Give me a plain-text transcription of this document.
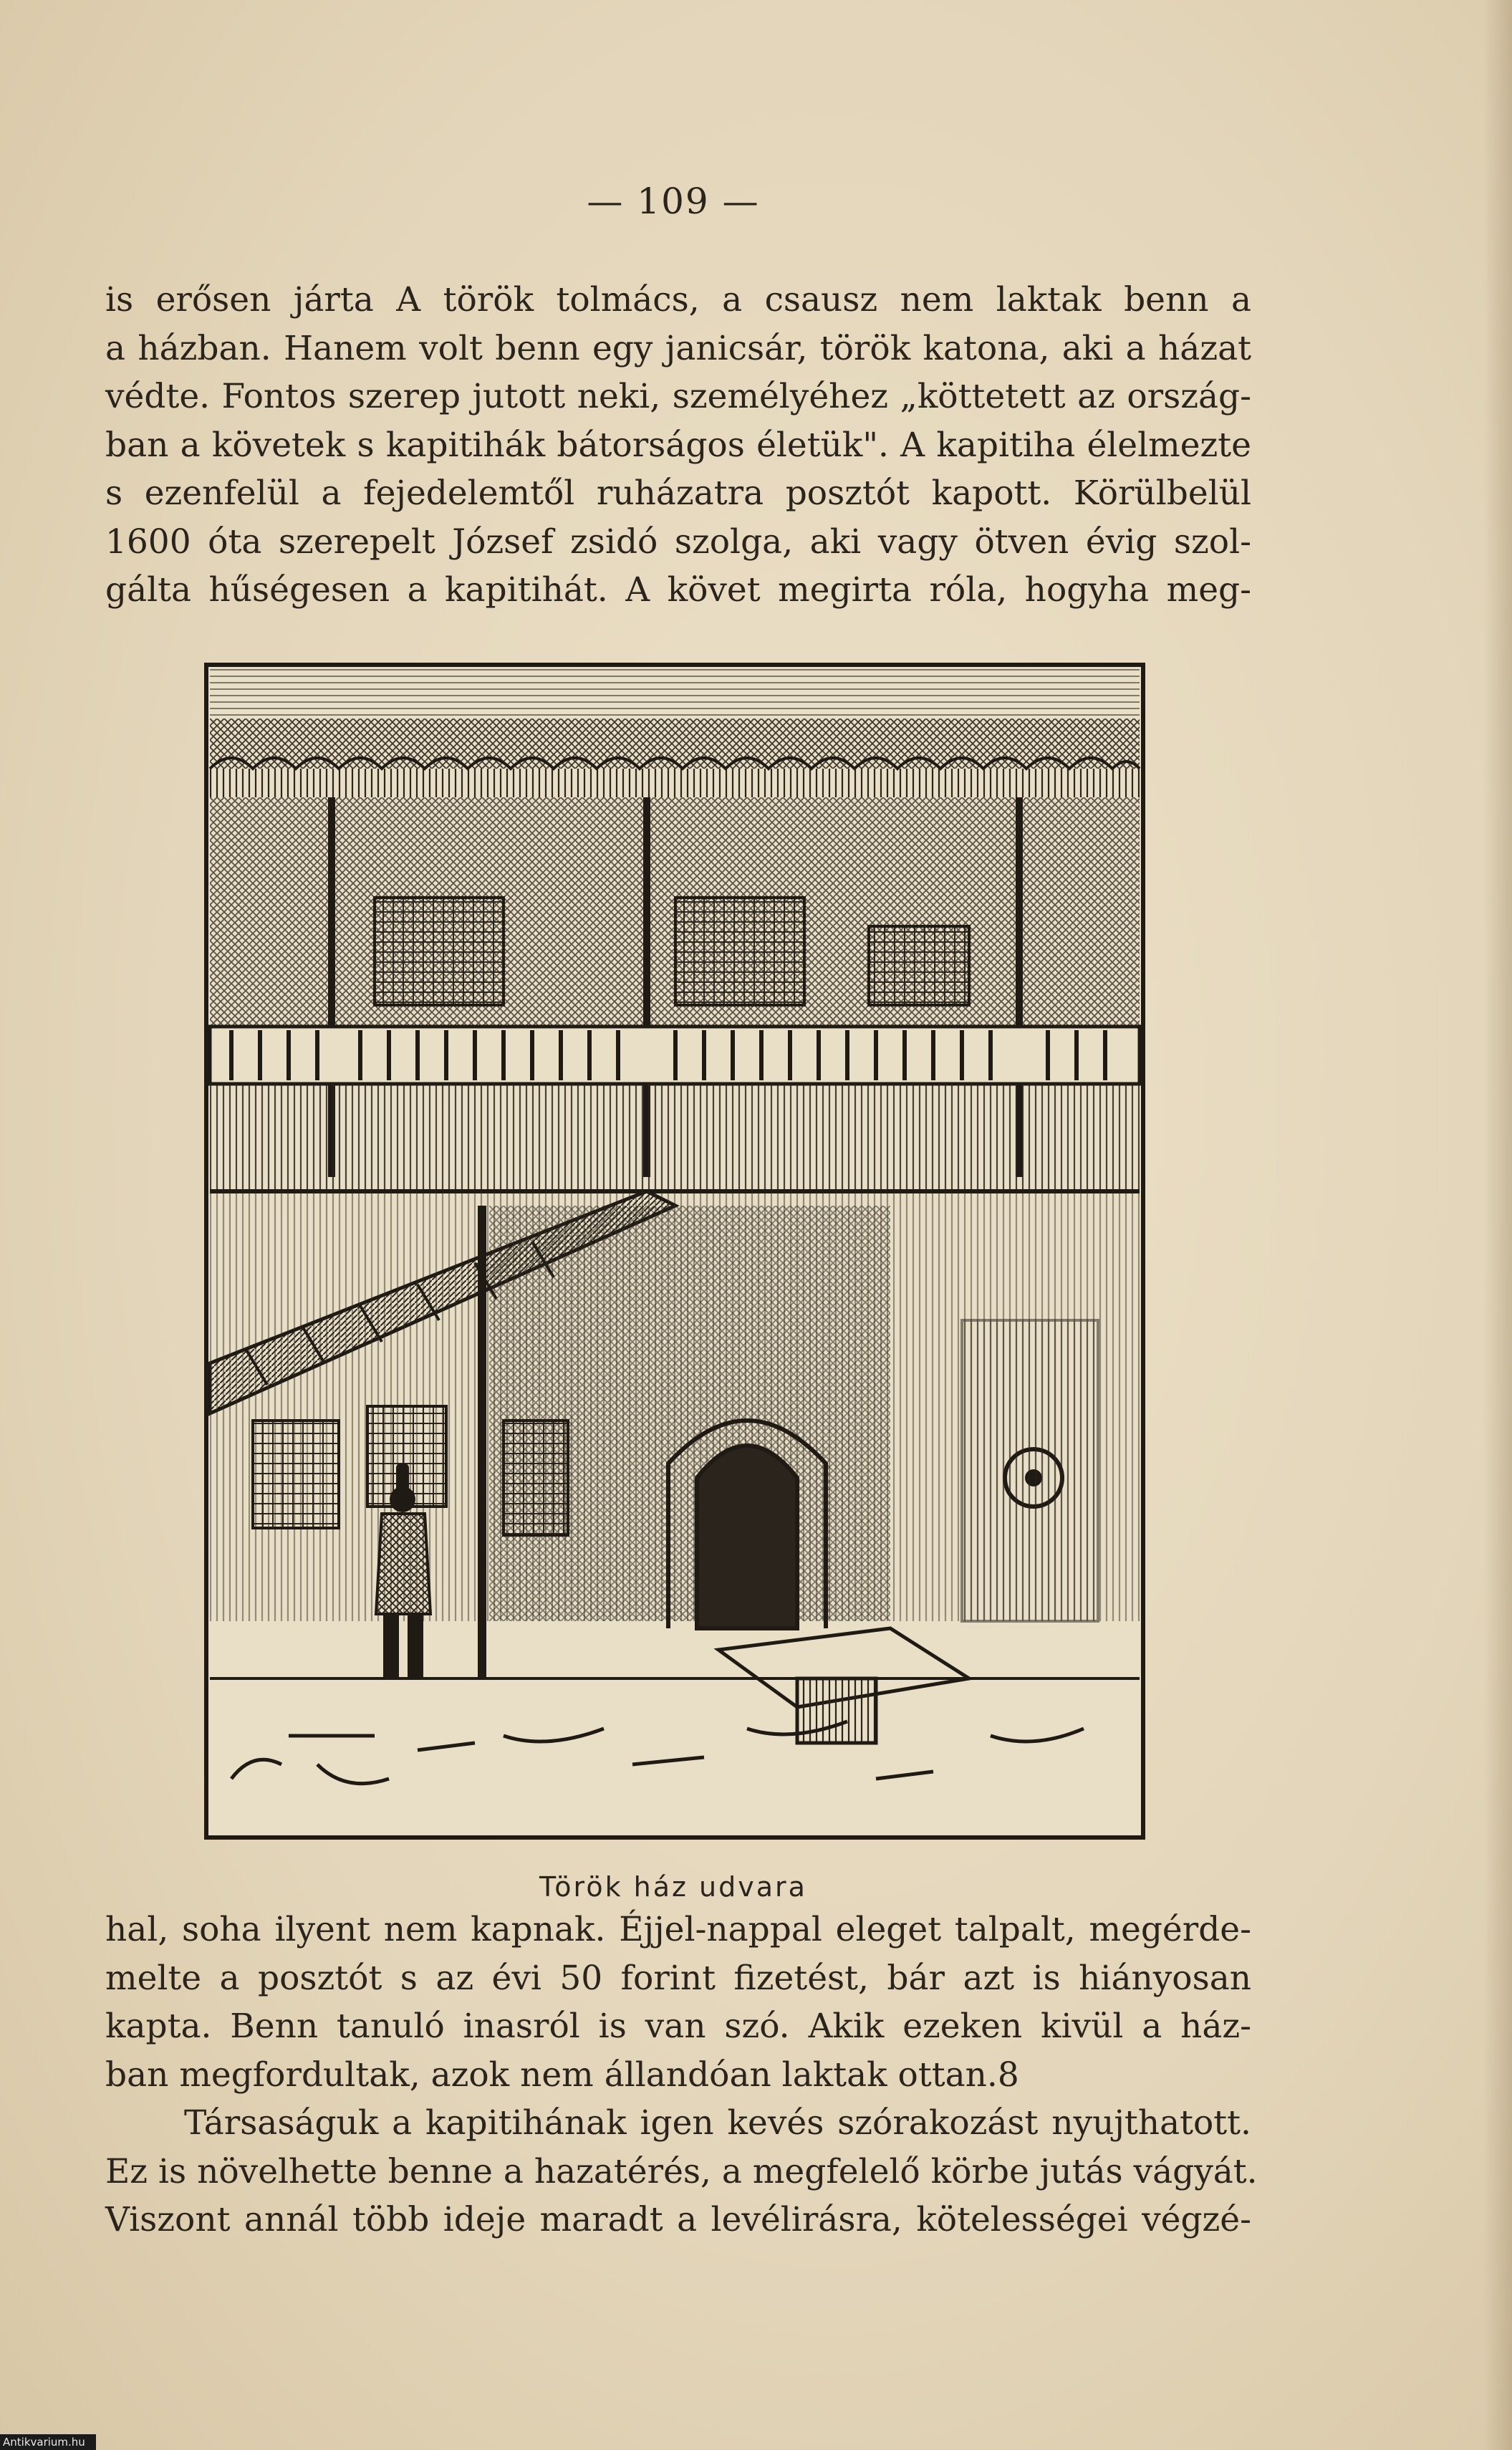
— 109 —
is erősen járta A török tolmács, a csausz nem laktak benn a
a házban. Hanem volt benn egy janicsár, török katona, aki a házat
védte. Fontos szerep jutott neki, személyéhez „köttetett az ország-
ban a követek s kapitihák bátorságos életük". A kapitiha élelmezte
s ezenfelül a fejedelemtől ruházatra posztót kapott. Körülbelül
1600 óta szerepelt József zsidó szolga, aki vagy ötven évig szol-
gálta hűségesen a kapitihát. A követ megirta róla, hogyha meg-
Török ház udvara
hal, soha ilyent nem kapnak. Éjjel-nappal eleget talpalt, megérde-
melte a posztót s az évi 50 forint fizetést, bár azt is hiányosan
kapta. Benn tanuló inasról is van szó. Akik ezeken kivül a ház-
ban megfordultak, azok nem állandóan laktak ottan.8
Társaságuk a kapitihának igen kevés szórakozást nyujthatott.
Ez is növelhette benne a hazatérés, a megfelelő körbe jutás vágyát.
Viszont annál több ideje maradt a levélirásra, kötelességei végzé-
Antikvarium.hu
